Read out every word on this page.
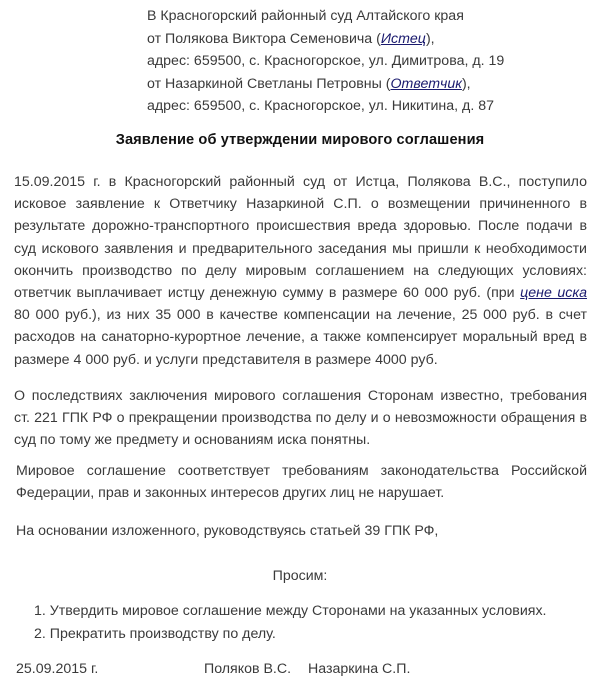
В Красногорский районный суд Алтайского края
от Полякова Виктора Семеновича (Истец),
адрес: 659500, с. Красногорское, ул. Димитрова, д. 19
от Назаркиной Светланы Петровны (Ответчик),
адрес: 659500, с. Красногорское, ул. Никитина, д. 87
Заявление об утверждении мирового соглашения
15.09.2015 г. в Красногорский районный суд от Истца, Полякова В.С., поступило исковое заявление к Ответчику Назаркиной С.П. о возмещении причиненного в результате дорожно-транспортного происшествия вреда здоровью. После подачи в суд искового заявления и предварительного заседания мы пришли к необходимости окончить производство по делу мировым соглашением на следующих условиях: ответчик выплачивает истцу денежную сумму в размере 60 000 руб. (при цене иска 80 000 руб.), из них 35 000 в качестве компенсации на лечение, 25 000 руб. в счет расходов на санаторно-курортное лечение, а также компенсирует моральный вред в размере 4 000 руб. и услуги представителя в размере 4000 руб.
О последствиях заключения мирового соглашения Сторонам известно, требования ст. 221 ГПК РФ о прекращении производства по делу и о невозможности обращения в суд по тому же предмету и основаниям иска понятны.
Мировое соглашение соответствует требованиям законодательства Российской Федерации, прав и законных интересов других лиц не нарушает.
На основании изложенного, руководствуясь статьей 39 ГПК РФ,
Просим:
1. Утвердить мировое соглашение между Сторонами на указанных условиях.
2. Прекратить производству по делу.
25.09.2015 г.	Поляков В.С. Назаркина С.П.
